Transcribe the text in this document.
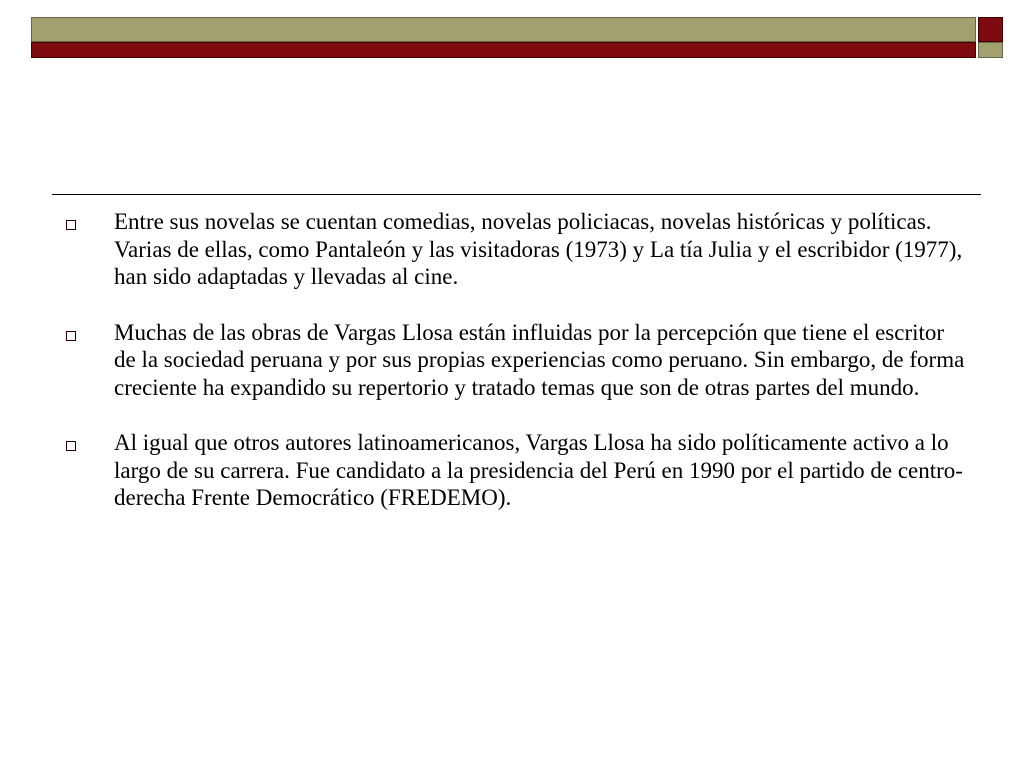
Entre sus novelas se cuentan comedias, novelas policiacas, novelas históricas y políticas. Varias de ellas, como Pantaleón y las visitadoras (1973) y La tía Julia y el escribidor (1977), han sido adaptadas y llevadas al cine.
Muchas de las obras de Vargas Llosa están influidas por la percepción que tiene el escritor de la sociedad peruana y por sus propias experiencias como peruano. Sin embargo, de forma creciente ha expandido su repertorio y tratado temas que son de otras partes del mundo.
Al igual que otros autores latinoamericanos, Vargas Llosa ha sido políticamente activo a lo largo de su carrera. Fue candidato a la presidencia del Perú en 1990 por el partido de centro-derecha Frente Democrático (FREDEMO).
